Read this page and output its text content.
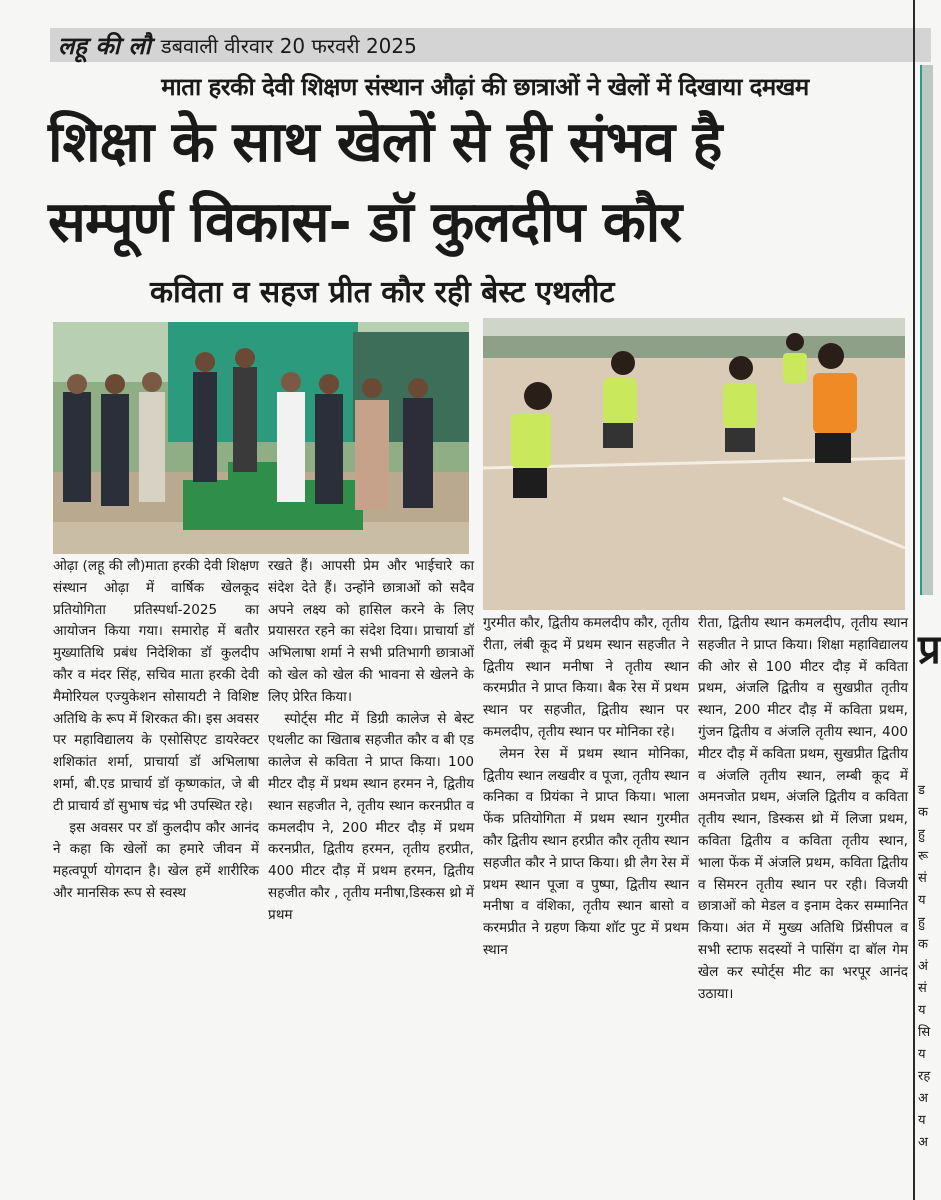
लहू की लौ डबवाली वीरवार 20 फरवरी 2025
माता हरकी देवी शिक्षण संस्थान औढ़ां की छात्राओं ने खेलों में दिखाया दमखम
शिक्षा के साथ खेलों से ही संभव है
सम्पूर्ण विकास- डॉ कुलदीप कौर
कविता व सहज प्रीत कौर रही बेस्ट एथलीट
प्र
ड
क
हु
रू
सं
य
हु
क
अं
सं
य
सि
य
रह
अ
य
अ

ओढ़ा (लहू की लौ)माता हरकी देवी शिक्षण संस्थान ओढ़ा में वार्षिक खेलकूद प्रतियोगिता प्रतिस्पर्धा-2025 का आयोजन किया गया। समारोह में बतौर मुख्यातिथि प्रबंध निदेशिका डॉ कुलदीप कौर व मंदर सिंह, सचिव माता हरकी देवी मैमोरियल एज्युकेशन सोसायटी ने विशिष्ट अतिथि के रूप में शिरकत की। इस अवसर पर महाविद्यालय के एसोसिएट डायरेक्टर शशिकांत शर्मा, प्राचार्या डॉ अभिलाषा शर्मा, बी.एड प्राचार्य डॉ कृष्णकांत, जे बी टी प्राचार्य डॉ सुभाष चंद्र भी उपस्थित रहे।

इस अवसर पर डॉ कुलदीप कौर आनंद ने कहा कि खेलों का हमारे जीवन में महत्वपूर्ण योगदान है। खेल हमें शारीरिक और मानसिक रूप से स्वस्थ

रखते हैं। आपसी प्रेम और भाईचारे का संदेश देते हैं। उन्होंने छात्राओं को सदैव अपने लक्ष्य को हासिल करने के लिए प्रयासरत रहने का संदेश दिया। प्राचार्या डॉ अभिलाषा शर्मा ने सभी प्रतिभागी छात्राओं को खेल को खेल की भावना से खेलने के लिए प्रेरित किया।

स्पोर्ट्स मीट में डिग्री कालेज से बेस्ट एथलीट का खिताब सहजीत कौर व बी एड कालेज से कविता ने प्राप्त किया। 100 मीटर दौड़ में प्रथम स्थान हरमन ने, द्वितीय स्थान सहजीत ने, तृतीय स्थान करनप्रीत व कमलदीप ने, 200 मीटर दौड़ में प्रथम करनप्रीत, द्वितीय हरमन, तृतीय हरप्रीत, 400 मीटर दौड़ में प्रथम हरमन, द्वितीय सहजीत कौर , तृतीय मनीषा,डिस्कस थ्रो में प्रथम

गुरमीत कौर, द्वितीय कमलदीप कौर, तृतीय रीता, लंबी कूद में प्रथम स्थान सहजीत ने द्वितीय स्थान मनीषा ने तृतीय स्थान करमप्रीत ने प्राप्त किया। बैक रेस में प्रथम स्थान पर सहजीत, द्वितीय स्थान पर कमलदीप, तृतीय स्थान पर मोनिका रहे।

लेमन रेस में प्रथम स्थान मोनिका, द्वितीय स्थान लखवीर व पूजा, तृतीय स्थान कनिका व प्रियंका ने प्राप्त किया। भाला फेंक प्रतियोगिता में प्रथम स्थान गुरमीत कौर द्वितीय स्थान हरप्रीत कौर तृतीय स्थान सहजीत कौर ने प्राप्त किया। थ्री लैग रेस में प्रथम स्थान पूजा व पुष्पा, द्वितीय स्थान मनीषा व वंशिका, तृतीय स्थान बासो व करमप्रीत ने ग्रहण किया शॉट पुट में प्रथम स्थान

रीता, द्वितीय स्थान कमलदीप, तृतीय स्थान सहजीत ने प्राप्त किया। शिक्षा महाविद्यालय की ओर से 100 मीटर दौड़ में कविता प्रथम, अंजलि द्वितीय व सुखप्रीत तृतीय स्थान, 200 मीटर दौड़ में कविता प्रथम, गुंजन द्वितीय व अंजलि तृतीय स्थान, 400 मीटर दौड़ में कविता प्रथम, सुखप्रीत द्वितीय व अंजलि तृतीय स्थान, लम्बी कूद में अमनजोत प्रथम, अंजलि द्वितीय व कविता तृतीय स्थान, डिस्कस थ्रो में लिजा प्रथम, कविता द्वितीय व कविता तृतीय स्थान, भाला फेंक में अंजलि प्रथम, कविता द्वितीय व सिमरन तृतीय स्थान पर रही। विजयी छात्राओं को मेडल व इनाम देकर सम्मानित किया। अंत में मुख्य अतिथि प्रिंसीपल व सभी स्टाफ सदस्यों ने पासिंग दा बॉल गेम खेल कर स्पोर्ट्स मीट का भरपूर आनंद उठाया।
